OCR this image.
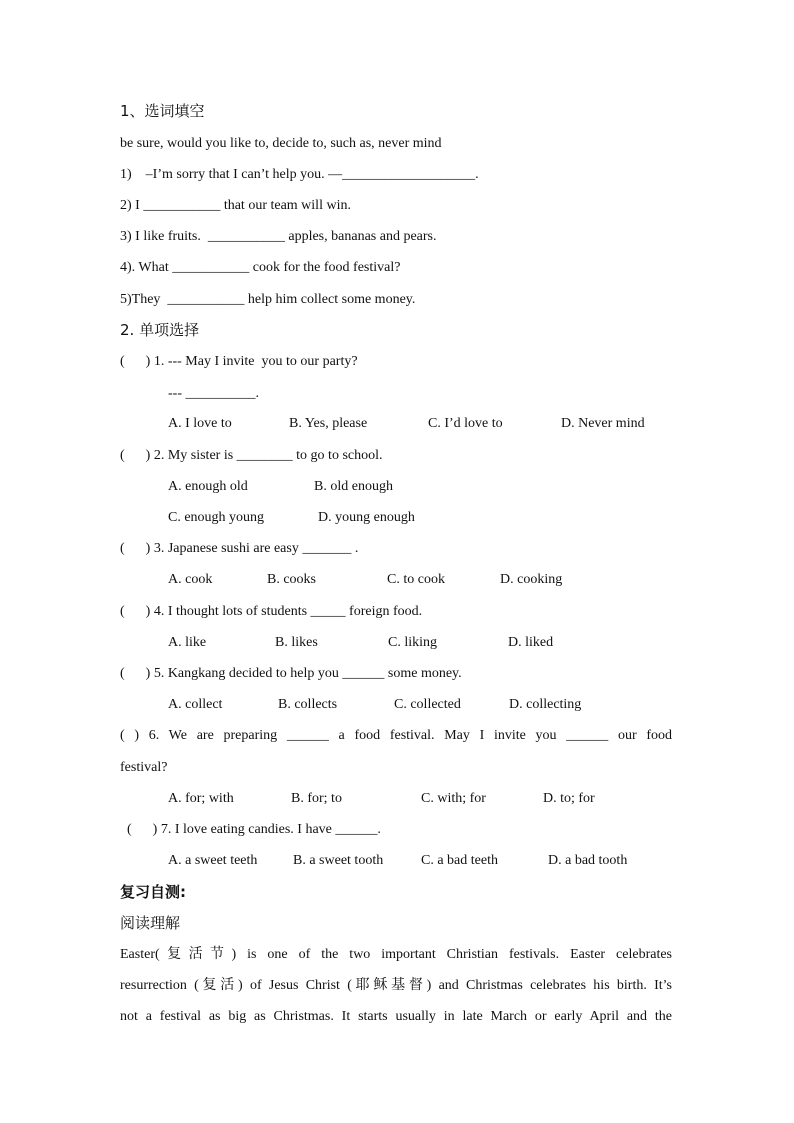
1、选词填空
be sure, would you like to, decide to, such as, never mind
1)    –I’m sorry that I can’t help you. —___________________.
2) I ___________ that our team will win.
3) I like fruits.  ___________ apples, bananas and pears.
4). What ___________ cook for the food festival?
5)They  ___________ help him collect some money.
2. 单项选择
(      ) 1. --- May I invite  you to our party?
--- __________.
A. I love to	B. Yes, please	C. I’d love to	D. Never mind
(      ) 2. My sister is ________ to go to school.
A. enough old	B. old enough
C. enough young	D. young enough
(      ) 3. Japanese sushi are easy _______ .
A. cook	B. cooks	C. to cook	D. cooking
(      ) 4. I thought lots of students _____ foreign food.
A. like	B. likes	C. liking	D. liked
(      ) 5. Kangkang decided to help you ______ some money.
A. collect	B. collects	C. collected	D. collecting
( ) 6. We are preparing ______ a food festival. May I invite you ______ our food
festival?
A. for; with	B. for; to	C. with; for	D. to; for
(      ) 7. I love eating candies. I have ______.
A. a sweet teeth	B. a sweet tooth	C. a bad teeth	D. a bad tooth
复习自测:
阅读理解
Easter(复活节) is one of the two important Christian festivals. Easter celebrates
resurrection (复活) of Jesus Christ (耶稣基督) and Christmas celebrates his birth. It’s
not a festival as big as Christmas. It starts usually in late March or early April and the
